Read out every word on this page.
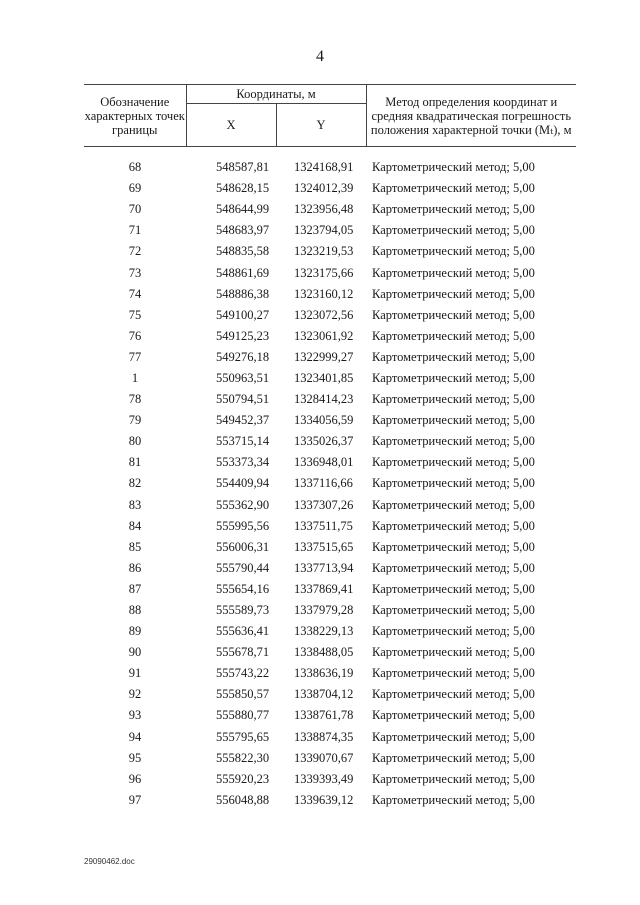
4
Обозначение характерных точек границы	Координаты, м		Метод определения координат и средняя квадратическая погрешность положения характерной точки (Mₜ), м
	X	Y	

68	548587,81	1324168,91	Картометрический метод; 5,00
69	548628,15	1324012,39	Картометрический метод; 5,00
70	548644,99	1323956,48	Картометрический метод; 5,00
71	548683,97	1323794,05	Картометрический метод; 5,00
72	548835,58	1323219,53	Картометрический метод; 5,00
73	548861,69	1323175,66	Картометрический метод; 5,00
74	548886,38	1323160,12	Картометрический метод; 5,00
75	549100,27	1323072,56	Картометрический метод; 5,00
76	549125,23	1323061,92	Картометрический метод; 5,00
77	549276,18	1322999,27	Картометрический метод; 5,00
1	550963,51	1323401,85	Картометрический метод; 5,00
78	550794,51	1328414,23	Картометрический метод; 5,00
79	549452,37	1334056,59	Картометрический метод; 5,00
80	553715,14	1335026,37	Картометрический метод; 5,00
81	553373,34	1336948,01	Картометрический метод; 5,00
82	554409,94	1337116,66	Картометрический метод; 5,00
83	555362,90	1337307,26	Картометрический метод; 5,00
84	555995,56	1337511,75	Картометрический метод; 5,00
85	556006,31	1337515,65	Картометрический метод; 5,00
86	555790,44	1337713,94	Картометрический метод; 5,00
87	555654,16	1337869,41	Картометрический метод; 5,00
88	555589,73	1337979,28	Картометрический метод; 5,00
89	555636,41	1338229,13	Картометрический метод; 5,00
90	555678,71	1338488,05	Картометрический метод; 5,00
91	555743,22	1338636,19	Картометрический метод; 5,00
92	555850,57	1338704,12	Картометрический метод; 5,00
93	555880,77	1338761,78	Картометрический метод; 5,00
94	555795,65	1338874,35	Картометрический метод; 5,00
95	555822,30	1339070,67	Картометрический метод; 5,00
96	555920,23	1339393,49	Картометрический метод; 5,00
97	556048,88	1339639,12	Картометрический метод; 5,00
29090462.doc
